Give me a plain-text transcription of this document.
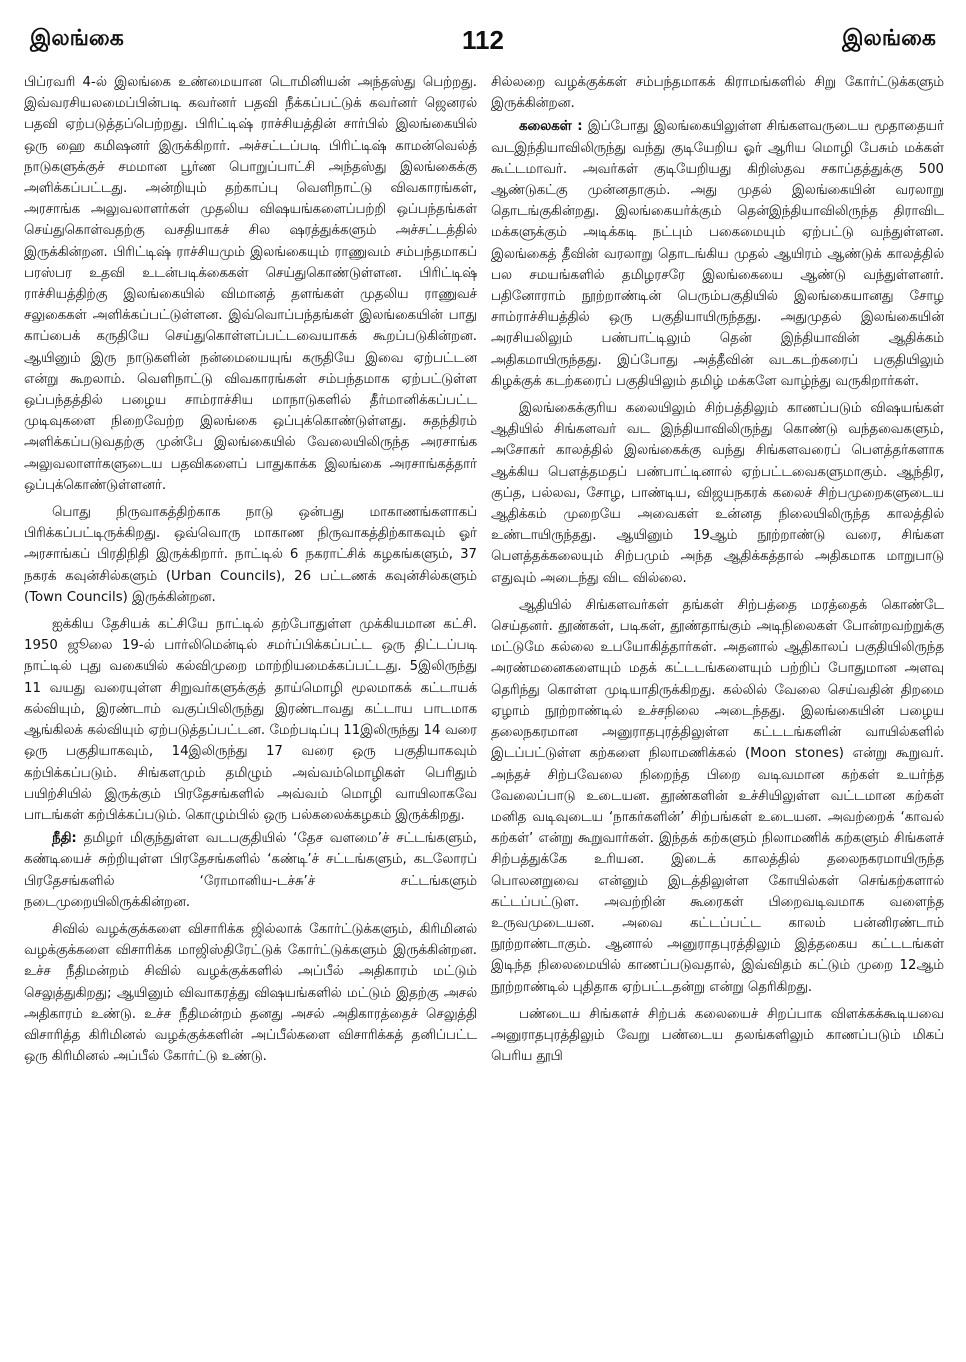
இலங்கை	112	இலங்கை

பிப்ரவரி 4-ல் இலங்கை உண்மையான டொமினியன் அந்தஸ்து பெற்றது. இவ்வரசியலமைப்பின்படி கவர்னர் பதவி நீக்கப்பட்டுக் கவர்னர் ஜெனரல் பதவி ஏற்படுத்தப்பெற்றது. பிரிட்டிஷ் ராச்சியத்தின் சார்பில் இலங்கையில் ஒரு ஹை கமிஷனர் இருக்கிறார். அச்சட்டப்படி பிரிட்டிஷ் காமன்வெல்த் நாடுகளுக்குச் சமமான பூர்ண பொறுப்பாட்சி அந்தஸ்து இலங்கைக்கு அளிக்கப்பட்டது. அன்றியும் தற்காப்பு வெளிநாட்டு விவகாரங்கள், அரசாங்க அலுவலாளர்கள் முதலிய விஷயங்களைப்பற்றி ஒப்பந்தங்கள் செய்துகொள்வதற்கு வசதியாகச் சில ஷரத்துக்களும் அச்சட்டத்தில் இருக்கின்றன. பிரிட்டிஷ் ராச்சியமும் இலங்கையும் ராணுவம் சம்பந்தமாகப் பரஸ்பர உதவி உடன்படிக்கைகள் செய்துகொண்டுள்ளன. பிரிட்டிஷ் ராச்சியத்திற்கு இலங்கையில் விமானத் தளங்கள் முதலிய ராணுவச் சலுகைகள் அளிக்கப்பட்டுள்ளன. இவ்வொப்பந்தங்கள் இலங்கையின் பாது காப்பைக் கருதியே செய்துகொள்ளப்பட்டவையாகக் கூறப்படுகின்றன. ஆயினும் இரு நாடுகளின் நன்மையையுங் கருதியே இவை ஏற்பட்டன என்று கூறலாம். வெளிநாட்டு விவகாரங்கள் சம்பந்தமாக ஏற்பட்டுள்ள ஒப்பந்தத்தில் பழைய சாம்ராச்சிய மாநாடுகளில் தீர்மானிக்கப்பட்ட முடிவுகளை நிறைவேற்ற இலங்கை ஒப்புக்கொண்டுள்ளது. சுதந்திரம் அளிக்கப்படுவதற்கு முன்பே இலங்கையில் வேலையிலிருந்த அரசாங்க அலுவலாளர்களுடைய பதவிகளைப் பாதுகாக்க இலங்கை அரசாங்கத்தார் ஒப்புக்கொண்டுள்ளனர்.

பொது நிருவாகத்திற்காக நாடு ஒன்பது மாகாணங்களாகப் பிரிக்கப்பட்டிருக்கிறது. ஒவ்வொரு மாகாண நிருவாகத்திற்காகவும் ஓர் அரசாங்கப் பிரதிநிதி இருக்கிறார். நாட்டில் 6 நகராட்சிக் கழகங்களும், 37 நகரக் கவுன்சில்களும் (Urban Councils), 26 பட்டணக் கவுன்சில்களும் (Town Councils) இருக்கின்றன.

ஐக்கிய தேசியக் கட்சியே நாட்டில் தற்போதுள்ள முக்கியமான கட்சி. 1950 ஜூலை 19-ல் பார்லிமென்டில் சமர்ப்பிக்கப்பட்ட ஒரு திட்டப்படி நாட்டில் புது வகையில் கல்விமுறை மாற்றியமைக்கப்பட்டது. 5இலிருந்து 11 வயது வரையுள்ள சிறுவர்களுக்குத் தாய்மொழி மூலமாகக் கட்டாயக் கல்வியும், இரண்டாம் வகுப்பிலிருந்து இரண்டாவது கட்டாய பாடமாக ஆங்கிலக் கல்வியும் ஏற்படுத்தப்பட்டன. மேற்படிப்பு 11இலிருந்து 14 வரை ஒரு பகுதியாகவும், 14இலிருந்து 17 வரை ஒரு பகுதியாகவும் கற்பிக்கப்படும். சிங்களமும் தமிழும் அவ்வம்மொழிகள் பெரிதும் பயிற்சியில் இருக்கும் பிரதேசங்களில் அவ்வம் மொழி வாயிலாகவே பாடங்கள் கற்பிக்கப்படும். கொழும்பில் ஒரு பல்கலைக்கழகம் இருக்கிறது.

நீதி: தமிழர் மிகுந்துள்ள வடபகுதியில் ‘தேச வளமை’ச் சட்டங்களும், கண்டியைச் சுற்றியுள்ள பிரதேசங்களில் ‘கண்டி’ச் சட்டங்களும், கடலோரப் பிரதேசங்களில் ‘ரோமானிய-டச்சு’ச் சட்டங்களும் நடைமுறையிலிருக்கின்றன.

சிவில் வழக்குக்களை விசாரிக்க ஜில்லாக் கோர்ட்டுக்களும், கிரிமினல் வழக்குக்களை விசாரிக்க மாஜிஸ்திரேட்டுக் கோர்ட்டுக்களும் இருக்கின்றன. உச்ச நீதிமன்றம் சிவில் வழக்குக்களில் அப்பீல் அதிகாரம் மட்டும் செலுத்துகிறது; ஆயினும் விவாகரத்து விஷயங்களில் மட்டும் இதற்கு அசல் அதிகாரம் உண்டு. உச்ச நீதிமன்றம் தனது அசல் அதிகாரத்தைச் செலுத்தி விசாரித்த கிரிமினல் வழக்குக்களின் அப்பீல்களை விசாரிக்கத் தனிப்பட்ட ஒரு கிரிமினல் அப்பீல் கோர்ட்டு உண்டு.

சில்லறை வழக்குக்கள் சம்பந்தமாகக் கிராமங்களில் சிறு கோர்ட்டுக்களும் இருக்கின்றன.

கலைகள் : இப்போது இலங்கையிலுள்ள சிங்களவருடைய மூதாதையர் வடஇந்தியாவிலிருந்து வந்து குடியேறிய ஓர் ஆரிய மொழி பேசும் மக்கள் கூட்டமாவர். அவர்கள் குடியேறியது கிறிஸ்தவ சகாப்தத்துக்கு 500 ஆண்டுகட்கு முன்னதாகும். அது முதல் இலங்கையின் வரலாறு தொடங்குகின்றது. இலங்கையர்க்கும் தென்இந்தியாவிலிருந்த திராவிட மக்களுக்கும் அடிக்கடி நட்பும் பகைமையும் ஏற்பட்டு வந்துள்ளன. இலங்கைத் தீவின் வரலாறு தொடங்கிய முதல் ஆயிரம் ஆண்டுக் காலத்தில் பல சமயங்களில் தமிழரசரே இலங்கையை ஆண்டு வந்துள்ளனர். பதினோராம் நூற்றாண்டின் பெரும்பகுதியில் இலங்கையானது சோழ சாம்ராச்சியத்தில் ஒரு பகுதியாயிருந்தது. அதுமுதல் இலங்கையின் அரசியலிலும் பண்பாட்டிலும் தென் இந்தியாவின் ஆதிக்கம் அதிகமாயிருந்தது. இப்போது அத்தீவின் வடகடற்கரைப் பகுதியிலும் கிழக்குக் கடற்கரைப் பகுதியிலும் தமிழ் மக்களே வாழ்ந்து வருகிறார்கள்.

இலங்கைக்குரிய கலையிலும் சிற்பத்திலும் காணப்படும் விஷயங்கள் ஆதியில் சிங்களவர் வட இந்தியாவிலிருந்து கொண்டு வந்தவைகளும், அசோகர் காலத்தில் இலங்கைக்கு வந்து சிங்களவரைப் பௌத்தர்களாக ஆக்கிய பௌத்தமதப் பண்பாட்டினால் ஏற்பட்டவைகளுமாகும். ஆந்திர, குப்த, பல்லவ, சோழ, பாண்டிய, விஜயநகரக் கலைச் சிற்பமுறைகளுடைய ஆதிக்கம் முறையே அவைகள் உன்னத நிலையிலிருந்த காலத்தில் உண்டாயிருந்தது. ஆயினும் 19ஆம் நூற்றாண்டு வரை, சிங்கள பௌத்தக்கலையும் சிற்பமும் அந்த ஆதிக்கத்தால் அதிகமாக மாறுபாடு எதுவும் அடைந்து விட வில்லை.

ஆதியில் சிங்களவர்கள் தங்கள் சிற்பத்தை மரத்தைக் கொண்டே செய்தனர். தூண்கள், படிகள், தூண்தாங்கும் அடிநிலைகள் போன்றவற்றுக்கு மட்டுமே கல்லை உபயோகித்தார்கள். அதனால் ஆதிகாலப் பகுதியிலிருந்த அரண்மனைகளையும் மதக் கட்டடங்களையும் பற்றிப் போதுமான அளவு தெரிந்து கொள்ள முடியாதிருக்கிறது. கல்லில் வேலை செய்வதின் திறமை ஏழாம் நூற்றாண்டில் உச்சநிலை அடைந்தது. இலங்கையின் பழைய தலைநகரமான அனுராதபுரத்திலுள்ள கட்டடங்களின் வாயில்களில் இடப்பட்டுள்ள கற்களை நிலாமணிக்கல் (Moon stones) என்று கூறுவர். அந்தச் சிற்பவேலை நிறைந்த பிறை வடிவமான கற்கள் உயர்ந்த வேலைப்பாடு உடையன. தூண்களின் உச்சியிலுள்ள வட்டமான கற்கள் மனித வடிவுடைய ‘நாகர்களின்’ சிற்பங்கள் உடையன. அவற்றைக் ‘காவல் கற்கள்’ என்று கூறுவார்கள். இந்தக் கற்களும் நிலாமணிக் கற்களும் சிங்களச் சிற்பத்துக்கே உரியன. இடைக் காலத்தில் தலைநகரமாயிருந்த பொலனறுவை என்னும் இடத்திலுள்ள கோயில்கள் செங்கற்களால் கட்டப்பட்டுள. அவற்றின் கூரைகள் பிறைவடிவமாக வளைந்த உருவமுடையன. அவை கட்டப்பட்ட காலம் பன்னிரண்டாம் நூற்றாண்டாகும். ஆனால் அனுராதபுரத்திலும் இத்தகைய கட்டடங்கள் இடிந்த நிலைமையில் காணப்படுவதால், இவ்விதம் கட்டும் முறை 12ஆம் நூற்றாண்டில் புதிதாக ஏற்பட்டதன்று என்று தெரிகிறது.

பண்டைய சிங்களச் சிற்பக் கலையைச் சிறப்பாக விளக்கக்கூடியவை அனுராதபுரத்திலும் வேறு பண்டைய தலங்களிலும் காணப்படும் மிகப் பெரிய தூபி
